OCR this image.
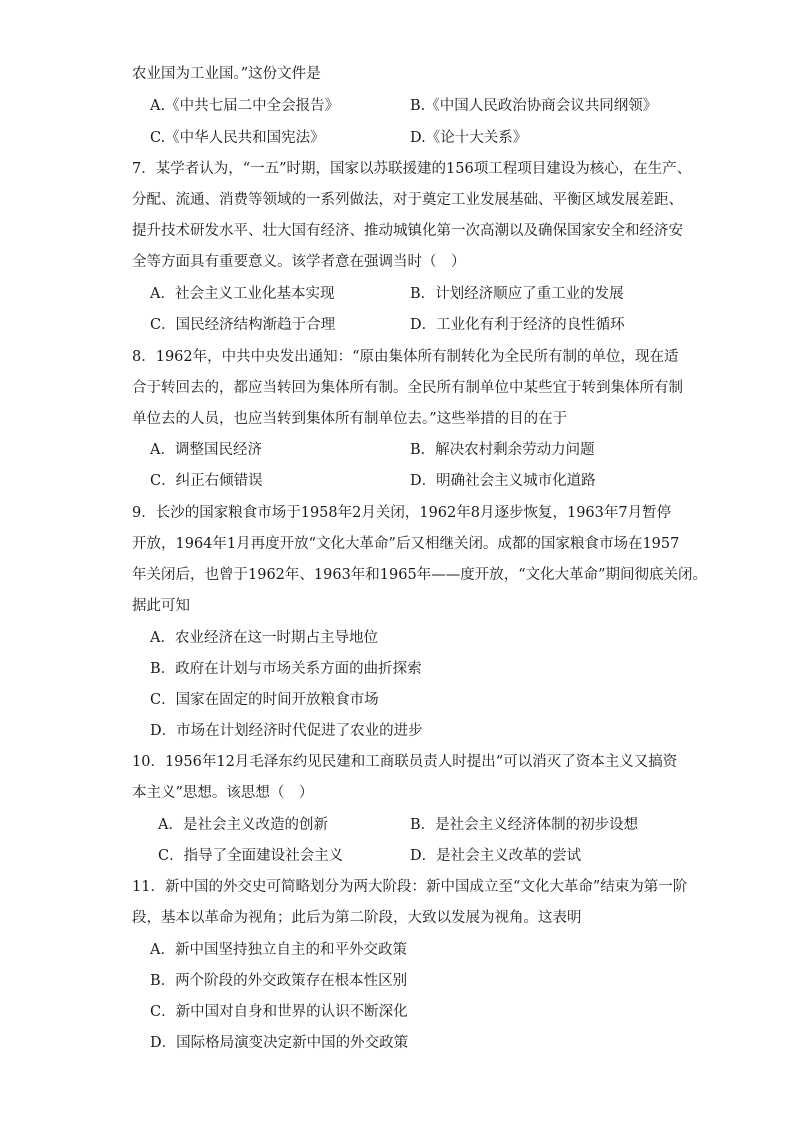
农业国为工业国。”这份文件是
A.《中共七届二中全会报告》	B.《中国人民政治协商会议共同纲领》
C.《中华人民共和国宪法》	D.《论十大关系》
7．某学者认为，“一五”时期，国家以苏联援建的156项工程项目建设为核心，在生产、
分配、流通、消费等领域的一系列做法，对于奠定工业发展基础、平衡区域发展差距、
提升技术研发水平、壮大国有经济、推动城镇化第一次高潮以及确保国家安全和经济安
全等方面具有重要意义。该学者意在强调当时（　）
A．社会主义工业化基本实现	B．计划经济顺应了重工业的发展
C．国民经济结构渐趋于合理	D．工业化有利于经济的良性循环
8．1962年，中共中央发出通知：“原由集体所有制转化为全民所有制的单位，现在适
合于转回去的，都应当转回为集体所有制。全民所有制单位中某些宜于转到集体所有制
单位去的人员，也应当转到集体所有制单位去。”这些举措的目的在于
A．调整国民经济	B．解决农村剩余劳动力问题
C．纠正右倾错误	D．明确社会主义城市化道路
9．长沙的国家粮食市场于1958年2月关闭，1962年8月逐步恢复，1963年7月暂停
开放，1964年1月再度开放“文化大革命”后又相继关闭。成都的国家粮食市场在1957
年关闭后，也曾于1962年、1963年和1965年——度开放，“文化大革命”期间彻底关闭。
据此可知
A．农业经济在这一时期占主导地位
B．政府在计划与市场关系方面的曲折探索
C．国家在固定的时间开放粮食市场
D．市场在计划经济时代促进了农业的进步
10．1956年12月毛泽东约见民建和工商联员责人时提出“可以消灭了资本主义又搞资
本主义”思想。该思想（　）
A．是社会主义改造的创新	B．是社会主义经济体制的初步设想
C．指导了全面建设社会主义	D．是社会主义改革的尝试
11．新中国的外交史可简略划分为两大阶段：新中国成立至“文化大革命”结束为第一阶
段，基本以革命为视角；此后为第二阶段，大致以发展为视角。这表明
A．新中国坚持独立自主的和平外交政策
B．两个阶段的外交政策存在根本性区别
C．新中国对自身和世界的认识不断深化
D．国际格局演变决定新中国的外交政策
